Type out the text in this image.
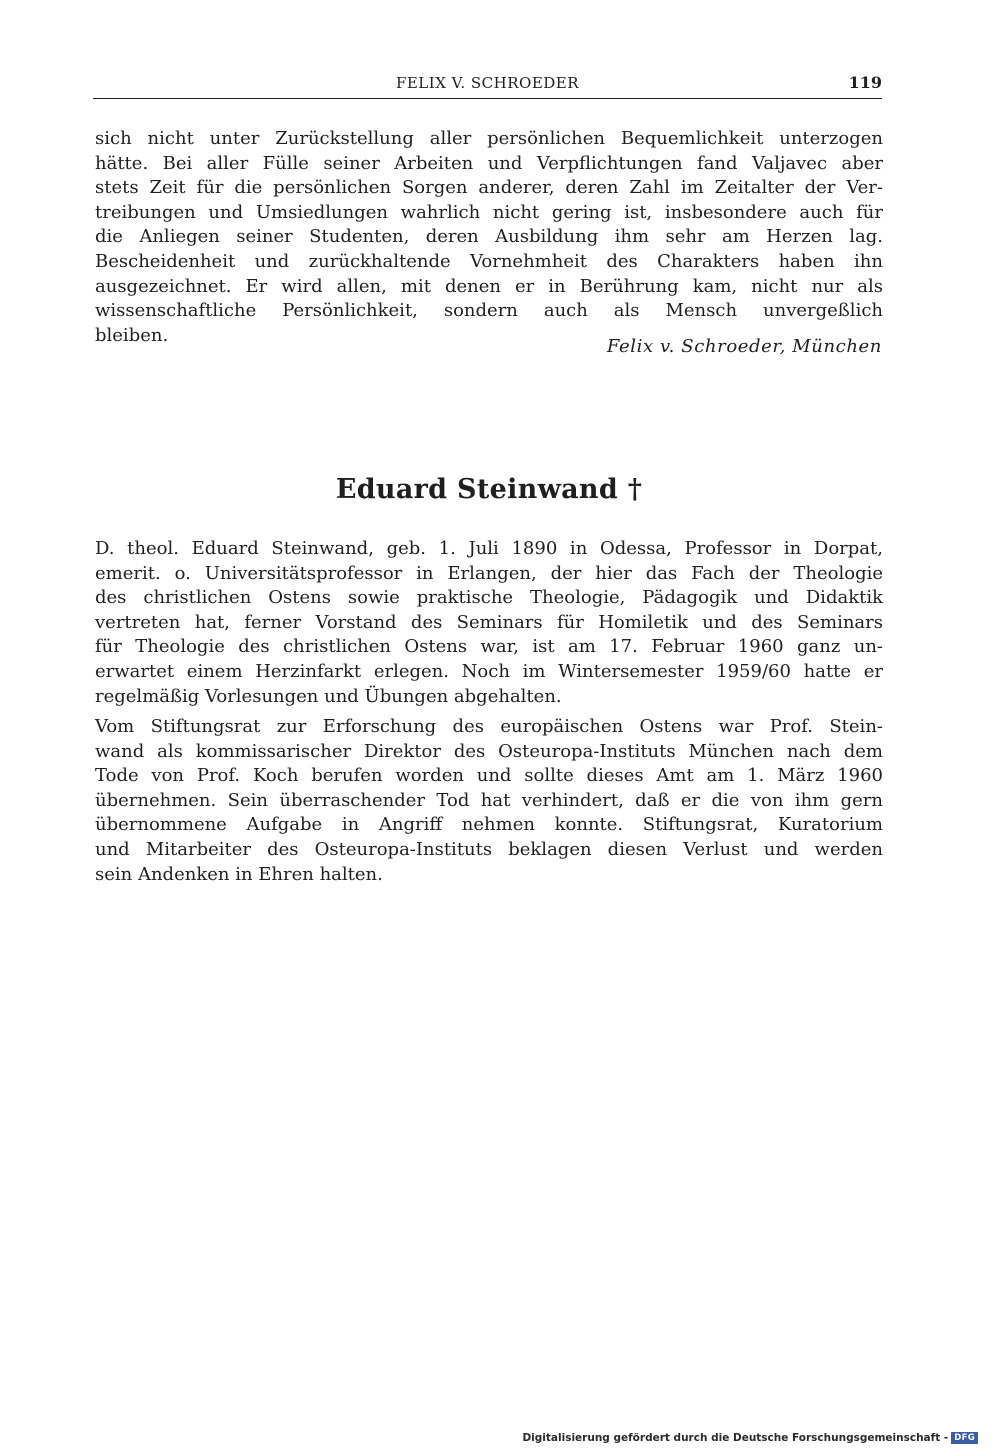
FELIX V. SCHROEDER	119
sich nicht unter Zurückstellung aller persönlichen Bequemlichkeit unterzogen
hätte. Bei aller Fülle seiner Arbeiten und Verpflichtungen fand Valjavec aber
stets Zeit für die persönlichen Sorgen anderer, deren Zahl im Zeitalter der Ver-
treibungen und Umsiedlungen wahrlich nicht gering ist, insbesondere auch für
die Anliegen seiner Studenten, deren Ausbildung ihm sehr am Herzen lag.
Bescheidenheit und zurückhaltende Vornehmheit des Charakters haben ihn
ausgezeichnet. Er wird allen, mit denen er in Berührung kam, nicht nur als
wissenschaftliche Persönlichkeit, sondern auch als Mensch unvergeßlich
bleiben.
Felix v. Schroeder, München
Eduard Steinwand †
D. theol. Eduard Steinwand, geb. 1. Juli 1890 in Odessa, Professor in Dorpat,
emerit. o. Universitätsprofessor in Erlangen, der hier das Fach der Theologie
des christlichen Ostens sowie praktische Theologie, Pädagogik und Didaktik
vertreten hat, ferner Vorstand des Seminars für Homiletik und des Seminars
für Theologie des christlichen Ostens war, ist am 17. Februar 1960 ganz un-
erwartet einem Herzinfarkt erlegen. Noch im Wintersemester 1959/60 hatte er
regelmäßig Vorlesungen und Übungen abgehalten.
Vom Stiftungsrat zur Erforschung des europäischen Ostens war Prof. Stein-
wand als kommissarischer Direktor des Osteuropa-Instituts München nach dem
Tode von Prof. Koch berufen worden und sollte dieses Amt am 1. März 1960
übernehmen. Sein überraschender Tod hat verhindert, daß er die von ihm gern
übernommene Aufgabe in Angriff nehmen konnte. Stiftungsrat, Kuratorium
und Mitarbeiter des Osteuropa-Instituts beklagen diesen Verlust und werden
sein Andenken in Ehren halten.
Digitalisierung gefördert durch die Deutsche Forschungsgemeinschaft - DFG
